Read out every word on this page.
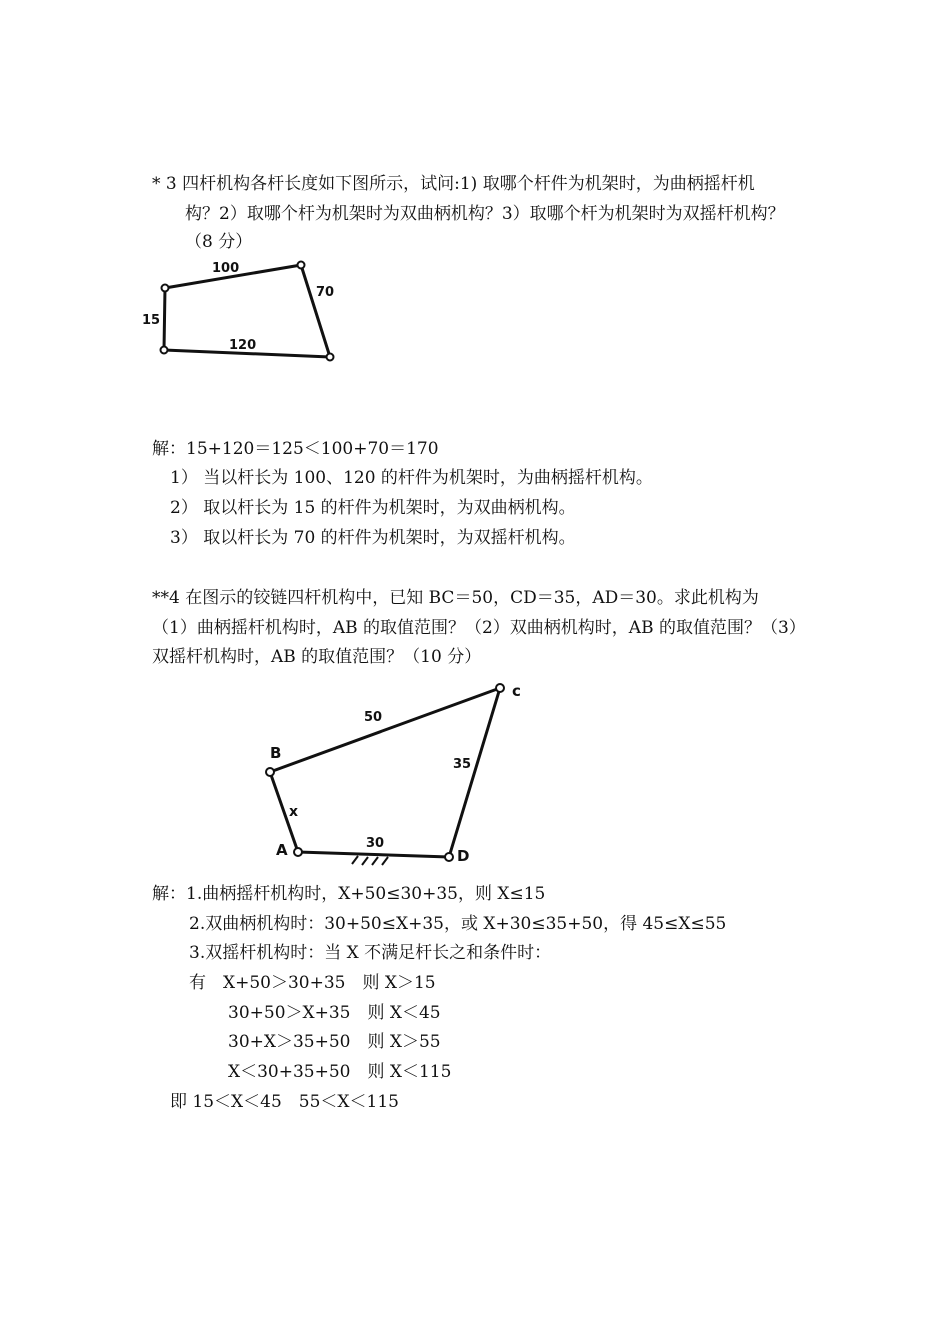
* 3 四杆机构各杆长度如下图所示，试问:1) 取哪个杆件为机架时，为曲柄摇杆机
构？2）取哪个杆为机架时为双曲柄机构？3）取哪个杆为机架时为双摇杆机构？
（8 分）
100
70
120
15
解：15+120＝125＜100+70＝170
1） 当以杆长为 100、120 的杆件为机架时，为曲柄摇杆机构。
2） 取以杆长为 15 的杆件为机架时，为双曲柄机构。
3） 取以杆长为 70 的杆件为机架时，为双摇杆机构。
**4 在图示的铰链四杆机构中，已知 BC＝50，CD＝35，AD＝30。求此机构为
（1）曲柄摇杆机构时，AB 的取值范围？（2）双曲柄机构时，AB 的取值范围？（3）
双摇杆机构时，AB 的取值范围？（10 分）
B
c
D
A
50
35
30
x
解：1.曲柄摇杆机构时，X+50≤30+35，则 X≤15
2.双曲柄机构时：30+50≤X+35，或 X+30≤35+50，得 45≤X≤55
3.双摇杆机构时：当 X 不满足杆长之和条件时：
有　X+50＞30+35　则 X＞15
30+50＞X+35　则 X＜45
30+X＞35+50　则 X＞55
X＜30+35+50　则 X＜115
即 15＜X＜45　55＜X＜115
